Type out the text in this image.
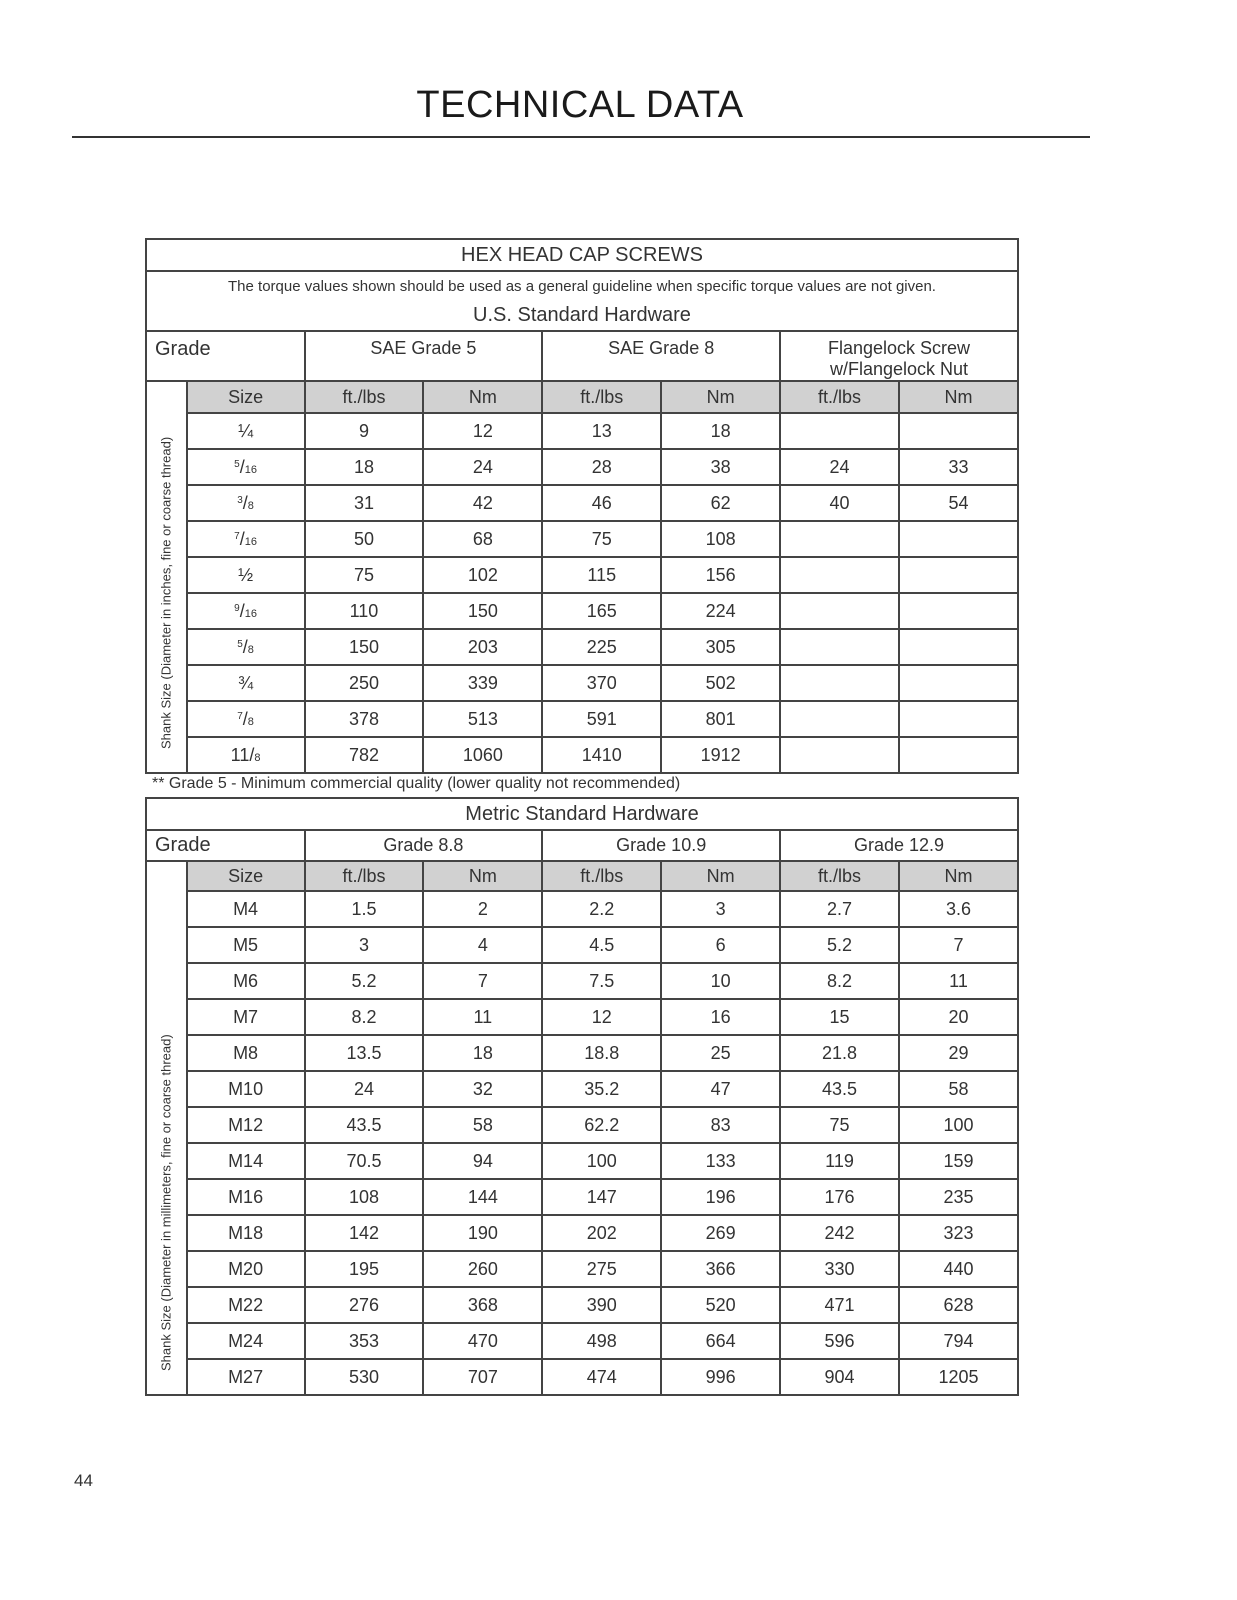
TECHNICAL DATA
HEX HEAD CAP SCREWS							
The torque values shown should be used as a general guideline when specific torque values are not given.							
U.S. Standard Hardware							
Grade		SAE Grade 5		SAE Grade 8		Flangelock Screw
w/Flangelock Nut	

Shank Size (Diameter in inches, fine or coarse thread)	Size	ft./lbs	Nm	ft./lbs	Nm	ft./lbs	Nm
	¼	9	12	13	18		
	$^5$/16	18	24	28	38	24	33
	$^3$/8	31	42	46	62	40	54
	$^7$/16	50	68	75	108		
	½	75	102	115	156		
	$^9$/16	110	150	165	224		
	$^5$/8	150	203	225	305		
	¾	250	339	370	502		
	$^7$/8	378	513	591	801		
	11/8	782	1060	1410	1912		
** Grade 5 - Minimum commercial quality (lower quality not recommended)
Metric Standard Hardware							
Grade		Grade 8.8		Grade 10.9		Grade 12.9	

Shank Size (Diameter in millimeters, fine or coarse thread)	Size	ft./lbs	Nm	ft./lbs	Nm	ft./lbs	Nm
	M4	1.5	2	2.2	3	2.7	3.6
	M5	3	4	4.5	6	5.2	7
	M6	5.2	7	7.5	10	8.2	11
	M7	8.2	11	12	16	15	20
	M8	13.5	18	18.8	25	21.8	29
	M10	24	32	35.2	47	43.5	58
	M12	43.5	58	62.2	83	75	100
	M14	70.5	94	100	133	119	159
	M16	108	144	147	196	176	235
	M18	142	190	202	269	242	323
	M20	195	260	275	366	330	440
	M22	276	368	390	520	471	628
	M24	353	470	498	664	596	794
	M27	530	707	474	996	904	1205
44
